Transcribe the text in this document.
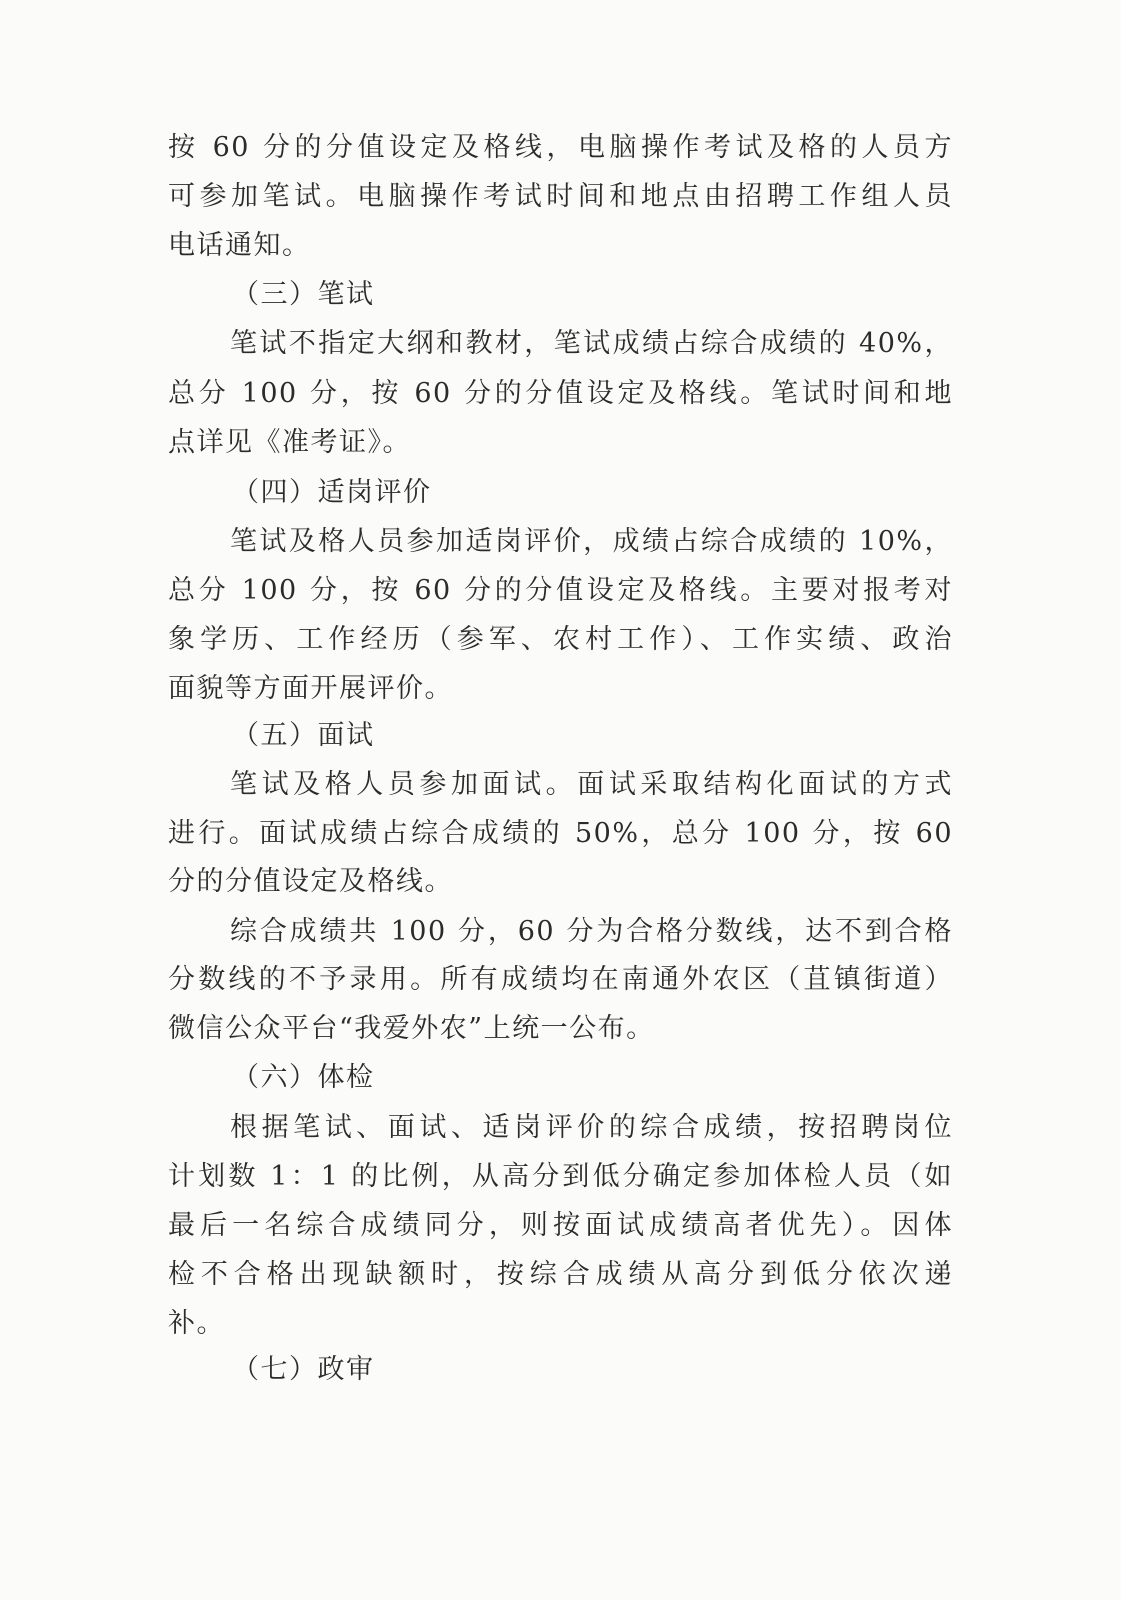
按 60 分的分值设定及格线，电脑操作考试及格的人员方
可参加笔试。电脑操作考试时间和地点由招聘工作组人员
电话通知。
（三）笔试
笔试不指定大纲和教材，笔试成绩占综合成绩的 40%，
总分 100 分，按 60 分的分值设定及格线。笔试时间和地
点详见《准考证》。
（四）适岗评价
笔试及格人员参加适岗评价，成绩占综合成绩的 10%，
总分 100 分，按 60 分的分值设定及格线。主要对报考对
象学历、工作经历（参军、农村工作）、工作实绩、政治
面貌等方面开展评价。
（五）面试
笔试及格人员参加面试。面试采取结构化面试的方式
进行。面试成绩占综合成绩的 50%，总分 100 分，按 60
分的分值设定及格线。
综合成绩共 100 分，60 分为合格分数线，达不到合格
分数线的不予录用。所有成绩均在南通外农区（苴镇街道）
微信公众平台“我爱外农”上统一公布。
（六）体检
根据笔试、面试、适岗评价的综合成绩，按招聘岗位
计划数 1：1 的比例，从高分到低分确定参加体检人员（如
最后一名综合成绩同分，则按面试成绩高者优先）。因体
检不合格出现缺额时，按综合成绩从高分到低分依次递
补。
（七）政审
